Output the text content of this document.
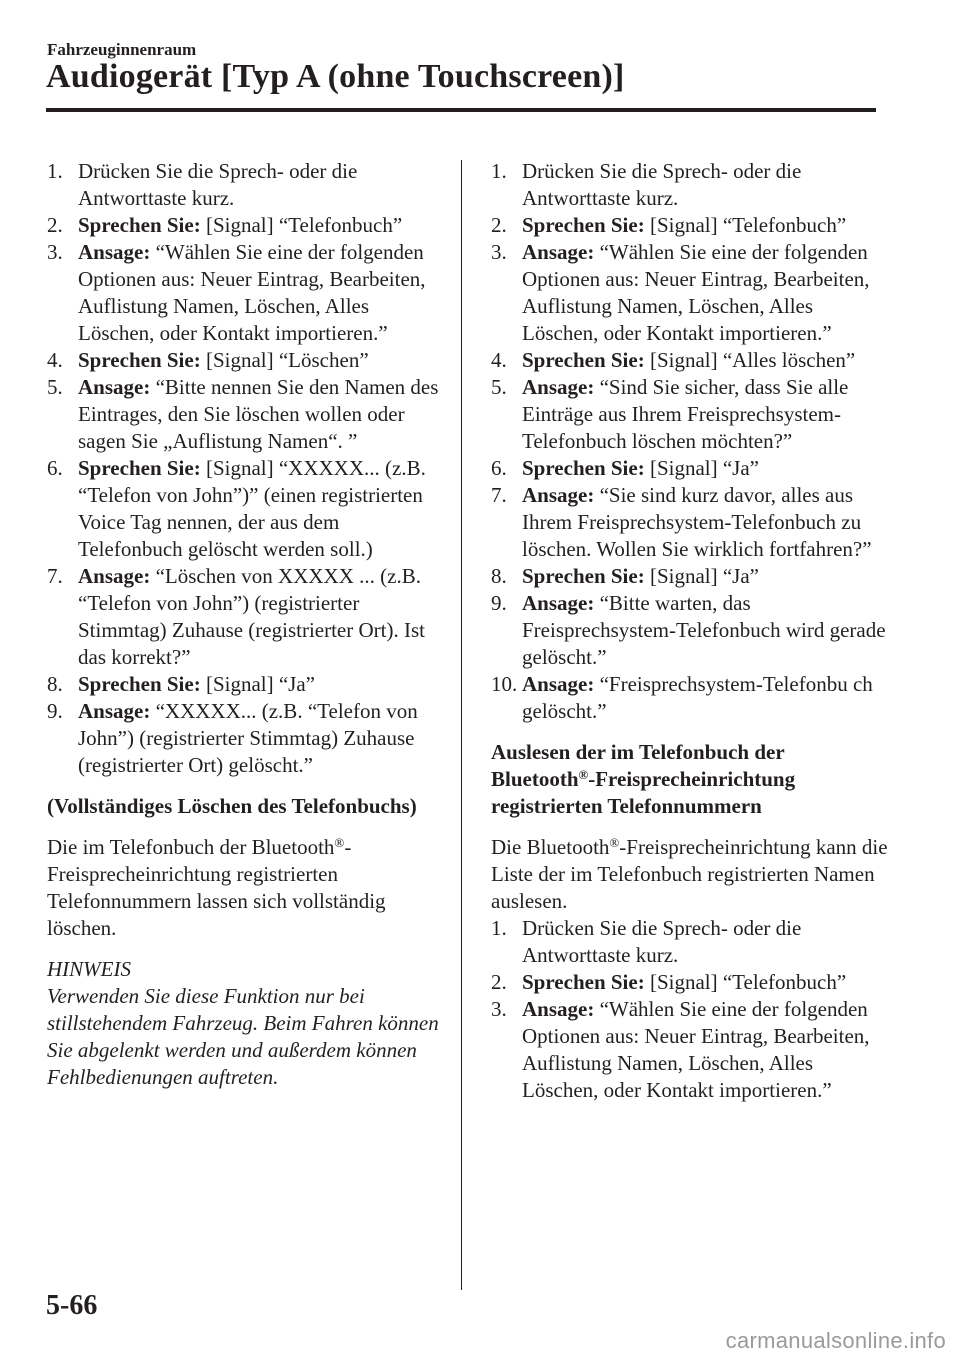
Fahrzeuginnenraum
Audiogerät [Typ A (ohne Touchscreen)]
1. Drücken Sie die Sprech- oder die Antworttaste kurz.
2. Sprechen Sie: [Signal] “Telefonbuch”
3. Ansage: “Wählen Sie eine der folgenden Optionen aus: Neuer Eintrag, Bearbeiten, Auflistung Namen, Löschen, Alles Löschen, oder Kontakt importieren.”
4. Sprechen Sie: [Signal] “Löschen”
5. Ansage: “Bitte nennen Sie den Namen des Eintrages, den Sie löschen wollen oder sagen Sie „Auflistung Namen“. ”
6. Sprechen Sie: [Signal] “XXXXX... (z.B. “Telefon von John”)” (einen registrierten Voice Tag nennen, der aus dem Telefonbuch gelöscht werden soll.)
7. Ansage: “Löschen von XXXXX ... (z.B. “Telefon von John”) (registrierter Stimmtag) Zuhause (registrierter Ort). Ist das korrekt?”
8. Sprechen Sie: [Signal] “Ja”
9. Ansage: “XXXXX... (z.B. “Telefon von John”) (registrierter Stimmtag) Zuhause (registrierter Ort) gelöscht.”

(Vollständiges Löschen des Telefonbuchs)

Die im Telefonbuch der Bluetooth®-Freisprecheinrichtung registrierten Telefonnummern lassen sich vollständig löschen.

HINWEIS

Verwenden Sie diese Funktion nur bei stillstehendem Fahrzeug. Beim Fahren können Sie abgelenkt werden und außerdem können Fehlbedienungen auftreten.

1. Drücken Sie die Sprech- oder die Antworttaste kurz.
2. Sprechen Sie: [Signal] “Telefonbuch”
3. Ansage: “Wählen Sie eine der folgenden Optionen aus: Neuer Eintrag, Bearbeiten, Auflistung Namen, Löschen, Alles Löschen, oder Kontakt importieren.”
4. Sprechen Sie: [Signal] “Alles löschen”
5. Ansage: “Sind Sie sicher, dass Sie alle Einträge aus Ihrem Freisprechsystem-Telefonbuch löschen möchten?”
6. Sprechen Sie: [Signal] “Ja”
7. Ansage: “Sie sind kurz davor, alles aus Ihrem Freisprechsystem-Telefonbuch zu löschen. Wollen Sie wirklich fortfahren?”
8. Sprechen Sie: [Signal] “Ja”
9. Ansage: “Bitte warten, das Freisprechsystem-Telefonbuch wird gerade gelöscht.”
10. Ansage: “Freisprechsystem-Telefonbu ch gelöscht.”

Auslesen der im Telefonbuch der Bluetooth®-Freisprecheinrichtung registrierten Telefonnummern

Die Bluetooth®-Freisprecheinrichtung kann die Liste der im Telefonbuch registrierten Namen auslesen.

1. Drücken Sie die Sprech- oder die Antworttaste kurz.
2. Sprechen Sie: [Signal] “Telefonbuch”
3. Ansage: “Wählen Sie eine der folgenden Optionen aus: Neuer Eintrag, Bearbeiten, Auflistung Namen, Löschen, Alles Löschen, oder Kontakt importieren.”
5-66
carmanualsonline.info
